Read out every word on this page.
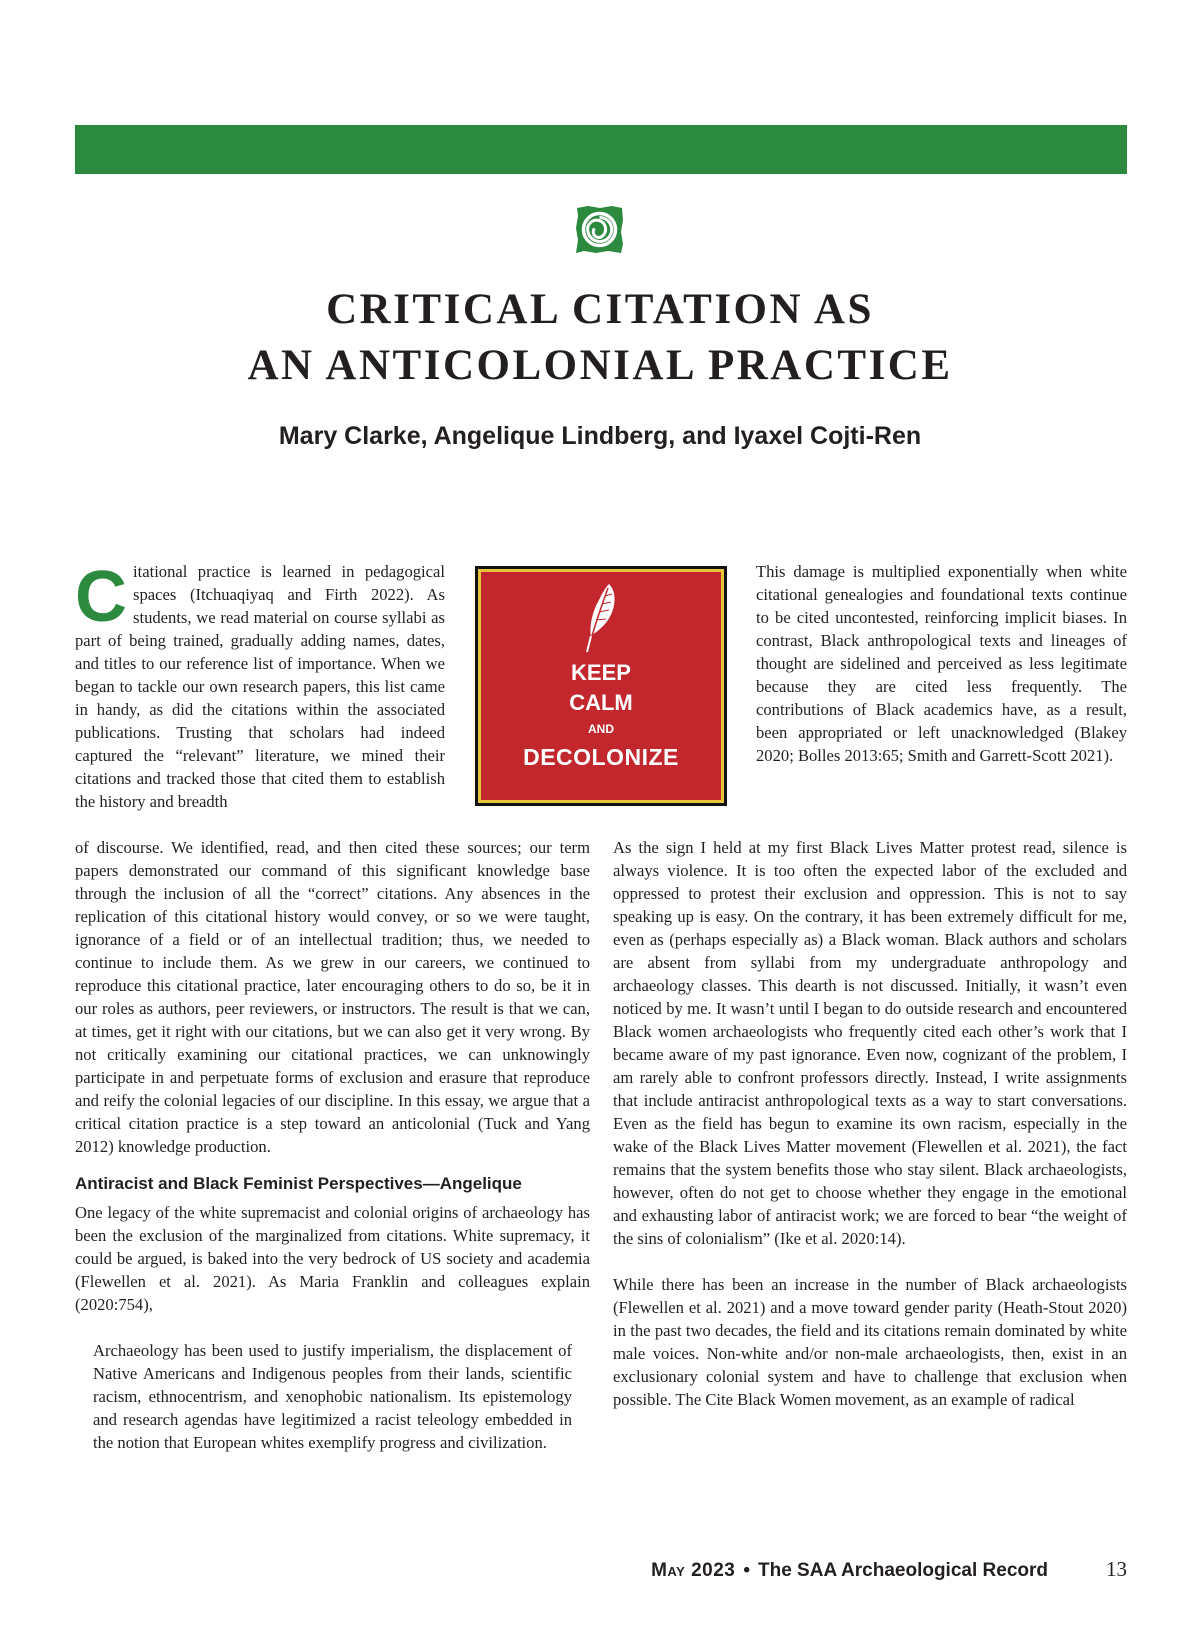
CRITICAL CITATION AS
AN ANTICOLONIAL PRACTICE

Mary Clarke, Angelique Lindberg, and Iyaxel Cojti-Ren

Citational practice is learned in pedagogical spaces (Itchuaqiyaq and Firth 2022). As students, we read material on course syllabi as part of being trained, gradually adding names, dates, and titles to our reference list of importance. When we began to tackle our own research papers, this list came in handy, as did the citations within the associated publications. Trusting that scholars had indeed captured the “relevant” literature, we mined their citations and tracked those that cited them to establish the history and breadth

KEEP
CALM
AND
DECOLONIZE

This damage is multiplied exponentially when white citational genealogies and foundational texts continue to be cited uncontested, reinforcing implicit biases. In contrast, Black anthropological texts and lineages of thought are sidelined and perceived as less legitimate because they are cited less frequently. The contributions of Black academics have, as a result, been appropriated or left unacknowledged (Blakey 2020; Bolles 2013:65; Smith and Garrett-Scott 2021).

of discourse. We identified, read, and then cited these sources; our term papers demonstrated our command of this significant knowledge base through the inclusion of all the “correct” citations. Any absences in the replication of this citational history would convey, or so we were taught, ignorance of a field or of an intellectual tradition; thus, we needed to continue to include them. As we grew in our careers, we continued to reproduce this citational practice, later encouraging others to do so, be it in our roles as authors, peer reviewers, or instructors. The result is that we can, at times, get it right with our citations, but we can also get it very wrong. By not critically examining our citational practices, we can unknowingly participate in and perpetuate forms of exclusion and erasure that reproduce and reify the colonial legacies of our discipline. In this essay, we argue that a critical citation practice is a step toward an anticolonial (Tuck and Yang 2012) knowledge production.

Antiracist and Black Feminist Perspectives—Angelique

One legacy of the white supremacist and colonial origins of archaeology has been the exclusion of the marginalized from citations. White supremacy, it could be argued, is baked into the very bedrock of US society and academia (Flewellen et al. 2021). As Maria Franklin and colleagues explain (2020:754),

Archaeology has been used to justify imperialism, the displacement of Native Americans and Indigenous peoples from their lands, scientific racism, ethnocentrism, and xenophobic nationalism. Its epistemology and research agendas have legitimized a racist teleology embedded in the notion that European whites exemplify progress and civilization.

As the sign I held at my first Black Lives Matter protest read, silence is always violence. It is too often the expected labor of the excluded and oppressed to protest their exclusion and oppression. This is not to say speaking up is easy. On the contrary, it has been extremely difficult for me, even as (perhaps especially as) a Black woman. Black authors and scholars are absent from syllabi from my undergraduate anthropology and archaeology classes. This dearth is not discussed. Initially, it wasn’t even noticed by me. It wasn’t until I began to do outside research and encountered Black women archaeologists who frequently cited each other’s work that I became aware of my past ignorance. Even now, cognizant of the problem, I am rarely able to confront professors directly. Instead, I write assignments that include antiracist anthropological texts as a way to start conversations. Even as the field has begun to examine its own racism, especially in the wake of the Black Lives Matter movement (Flewellen et al. 2021), the fact remains that the system benefits those who stay silent. Black archaeologists, however, often do not get to choose whether they engage in the emotional and exhausting labor of antiracist work; we are forced to bear “the weight of the sins of colonialism” (Ike et al. 2020:14).

While there has been an increase in the number of Black archaeologists (Flewellen et al. 2021) and a move toward gender parity (Heath-Stout 2020) in the past two decades, the field and its citations remain dominated by white male voices. Non-white and/or non-male archaeologists, then, exist in an exclusionary colonial system and have to challenge that exclusion when possible. The Cite Black Women movement, as an example of radical

May 2023 • The SAA Archaeological Record	13
